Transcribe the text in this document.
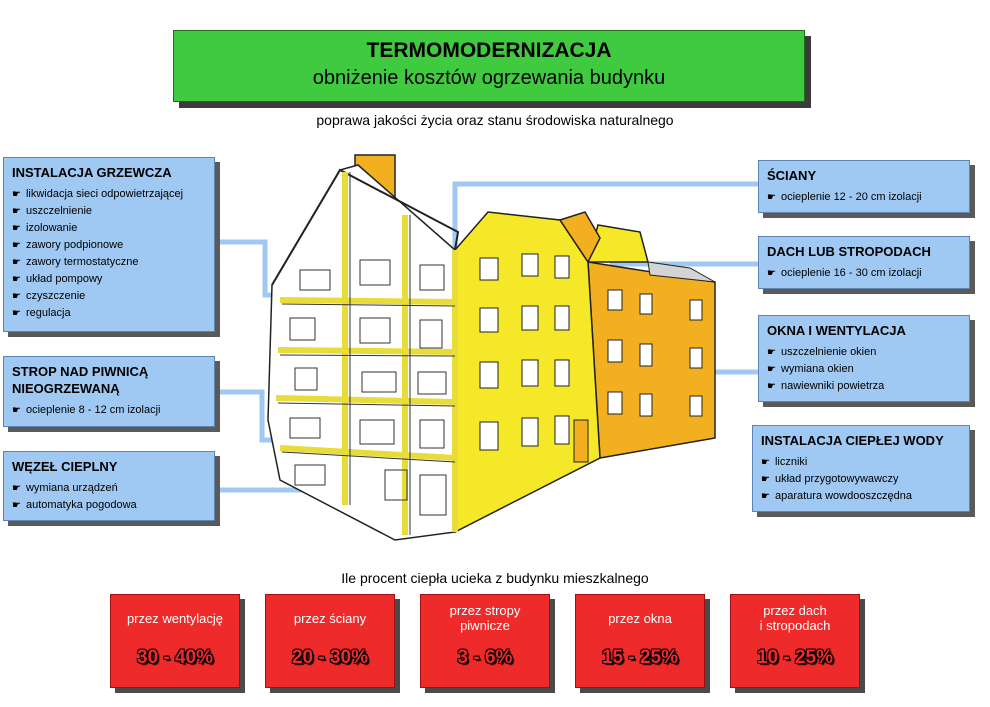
TERMOMODERNIZACJA
obniżenie kosztów ogrzewania budynku
poprawa jakości życia oraz stanu środowiska naturalnego
INSTALACJA GRZEWCZA
☛ likwidacja sieci odpowietrzającej
☛ uszczelnienie
☛ izolowanie
☛ zawory podpionowe
☛ zawory termostatyczne
☛ układ pompowy
☛ czyszczenie
☛ regulacja
STROP NAD PIWNICĄ
NIEOGRZEWANĄ
☛ ocieplenie 8 - 12 cm izolacji
WĘZEŁ CIEPLNY
☛ wymiana urządzeń
☛ automatyka pogodowa
ŚCIANY
☛ ocieplenie 12 - 20 cm izolacji
DACH LUB STROPODACH
☛ ocieplenie 16 - 30 cm izolacji
OKNA I WENTYLACJA
☛ uszczelnienie okien
☛ wymiana okien
☛ nawiewniki powietrza
INSTALACJA CIEPŁEJ WODY
☛ liczniki
☛ układ przygotowywawczy
☛ aparatura wowdooszczędna
Ile procent ciepła ucieka z budynku mieszkalnego
przez wentylację
30 - 40%
przez ściany
20 - 30%
przez stropy
piwnicze
3 - 6%
przez okna
15 - 25%
przez dach
i stropodach
10 - 25%
